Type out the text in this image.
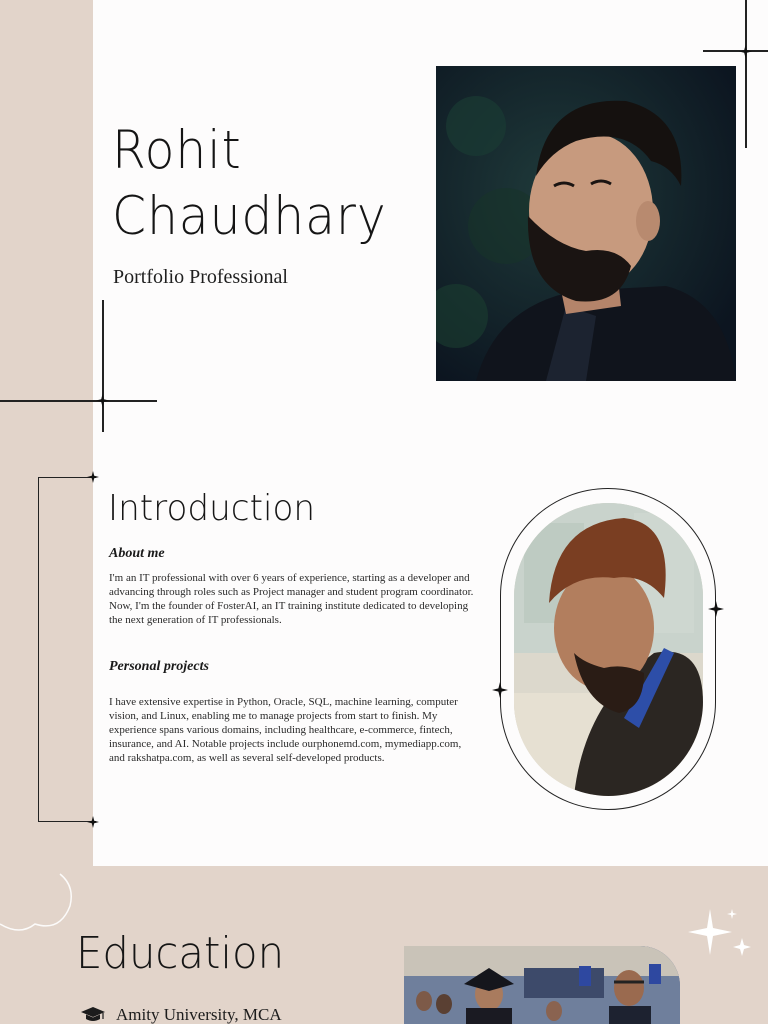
Rohit
Chaudhary
Portfolio Professional
Introduction
About me
I'm an IT professional with over 6 years of experience, starting as a developer and advancing through roles such as Project manager and student program coordinator. Now, I'm the founder of FosterAI, an IT training institute dedicated to developing the next generation of IT professionals.
Personal projects
I have extensive expertise in Python, Oracle, SQL, machine learning, computer vision, and Linux, enabling me to manage projects from start to finish. My experience spans various domains, including healthcare, e-commerce, fintech, insurance, and AI. Notable projects include ourphonemd.com, mymediapp.com, and rakshatpa.com, as well as several self-developed products.
Education
Amity University, MCA
